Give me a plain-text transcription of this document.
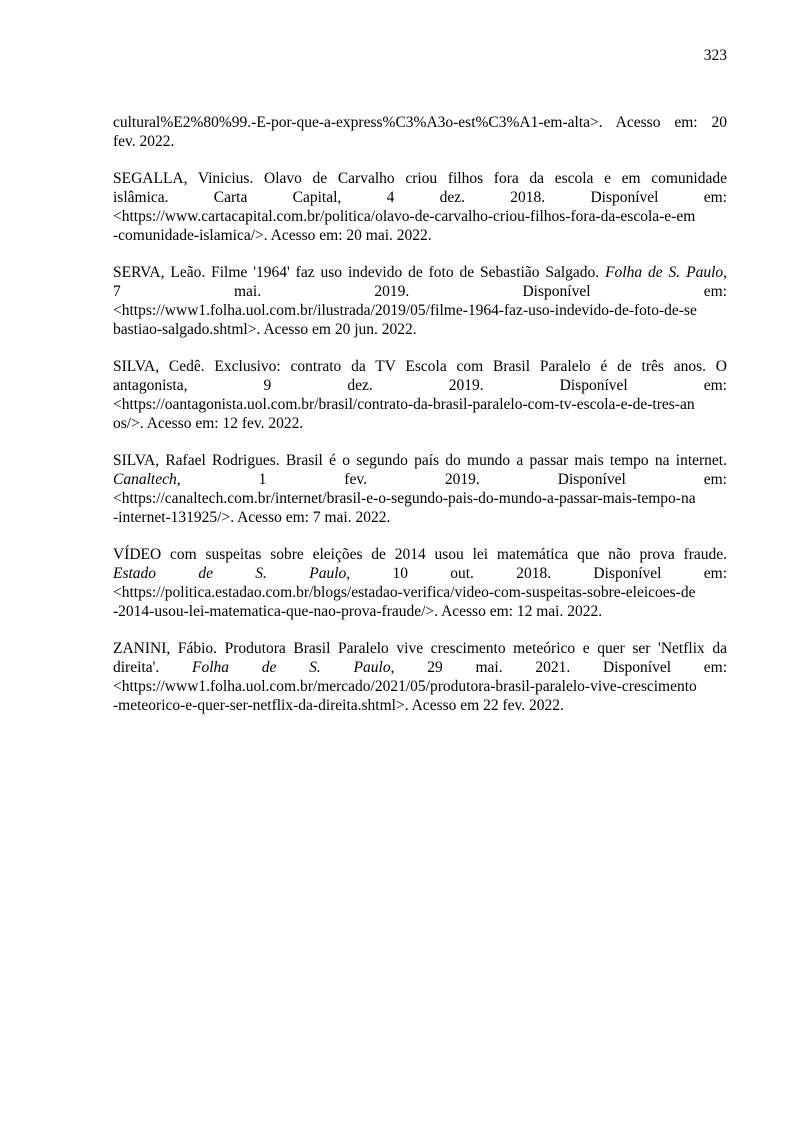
323
cultural%E2%80%99.-E-por-que-a-express%C3%A3o-est%C3%A1-em-alta>. Acesso em: 20
fev. 2022.
SEGALLA, Vinicius. Olavo de Carvalho criou filhos fora da escola e em comunidade
islâmica. Carta Capital, 4 dez. 2018. Disponível em:
<https://www.cartacapital.com.br/politica/olavo-de-carvalho-criou-filhos-fora-da-escola-e-em
-comunidade-islamica/>. Acesso em: 20 mai. 2022.
SERVA, Leão. Filme '1964' faz uso indevido de foto de Sebastião Salgado. Folha de S. Paulo,
7 mai. 2019. Disponível em:
<https://www1.folha.uol.com.br/ilustrada/2019/05/filme-1964-faz-uso-indevido-de-foto-de-se
bastiao-salgado.shtml>. Acesso em 20 jun. 2022.
SILVA, Cedê. Exclusivo: contrato da TV Escola com Brasil Paralelo é de três anos. O
antagonista, 9 dez. 2019. Disponível em:
<https://oantagonista.uol.com.br/brasil/contrato-da-brasil-paralelo-com-tv-escola-e-de-tres-an
os/>. Acesso em: 12 fev. 2022.
SILVA, Rafael Rodrigues. Brasil é o segundo país do mundo a passar mais tempo na internet.
Canaltech, 1 fev. 2019. Disponível em:
<https://canaltech.com.br/internet/brasil-e-o-segundo-pais-do-mundo-a-passar-mais-tempo-na
-internet-131925/>. Acesso em: 7 mai. 2022.
VÍDEO com suspeitas sobre eleições de 2014 usou lei matemática que não prova fraude.
Estado de S. Paulo, 10 out. 2018. Disponível em:
<https://politica.estadao.com.br/blogs/estadao-verifica/video-com-suspeitas-sobre-eleicoes-de
-2014-usou-lei-matematica-que-nao-prova-fraude/>. Acesso em: 12 mai. 2022.
ZANINI, Fábio. Produtora Brasil Paralelo vive crescimento meteórico e quer ser 'Netflix da
direita'. Folha de S. Paulo, 29 mai. 2021. Disponível em:
<https://www1.folha.uol.com.br/mercado/2021/05/produtora-brasil-paralelo-vive-crescimento
-meteorico-e-quer-ser-netflix-da-direita.shtml>. Acesso em 22 fev. 2022.
